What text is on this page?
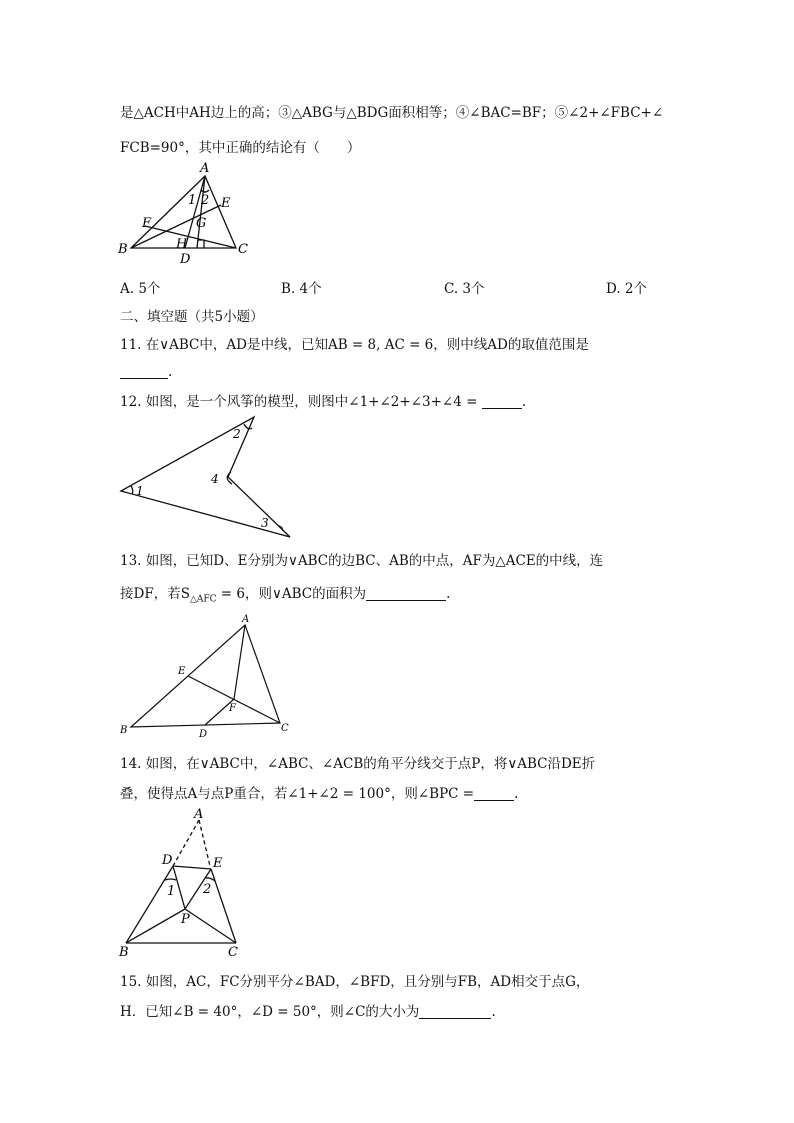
是△ACH中AH边上的高；③△ABG与△BDG面积相等；④∠BAC=BF；⑤∠2+∠FBC+∠
FCB=90°，其中正确的结论有（　　）
A
B	C
D
E
F	G
H
1 2
A. 5个	B. 4个	C. 3个	D. 2个
二、填空题（共5小题）
11. 在∨ABC中，AD是中线，已知AB = 8, AC = 6，则中线AD的取值范围是
.
12. 如图，是一个风筝的模型，则图中∠1+∠2+∠3+∠4 =	.
1
2
3
4
13. 如图，已知D、E分别为∨ABC的边BC、AB的中点，AF为△ACE的中线，连
接DF，若$S_{\triangle AFC} = 6$，则∨ABC的面积为	.
A
B	C
D
E
F
14. 如图，在∨ABC中，∠ABC、∠ACB的角平分线交于点P，将∨ABC沿DE折
叠，使得点A与点P重合，若∠1+∠2 = 100°，则∠BPC =	.
A
B	C
D	E
P
1 2
15. 如图，AC，FC分别平分∠BAD，∠BFD，且分别与FB，AD相交于点G，
H．已知∠B = 40°，∠D = 50°，则∠C的大小为	.
